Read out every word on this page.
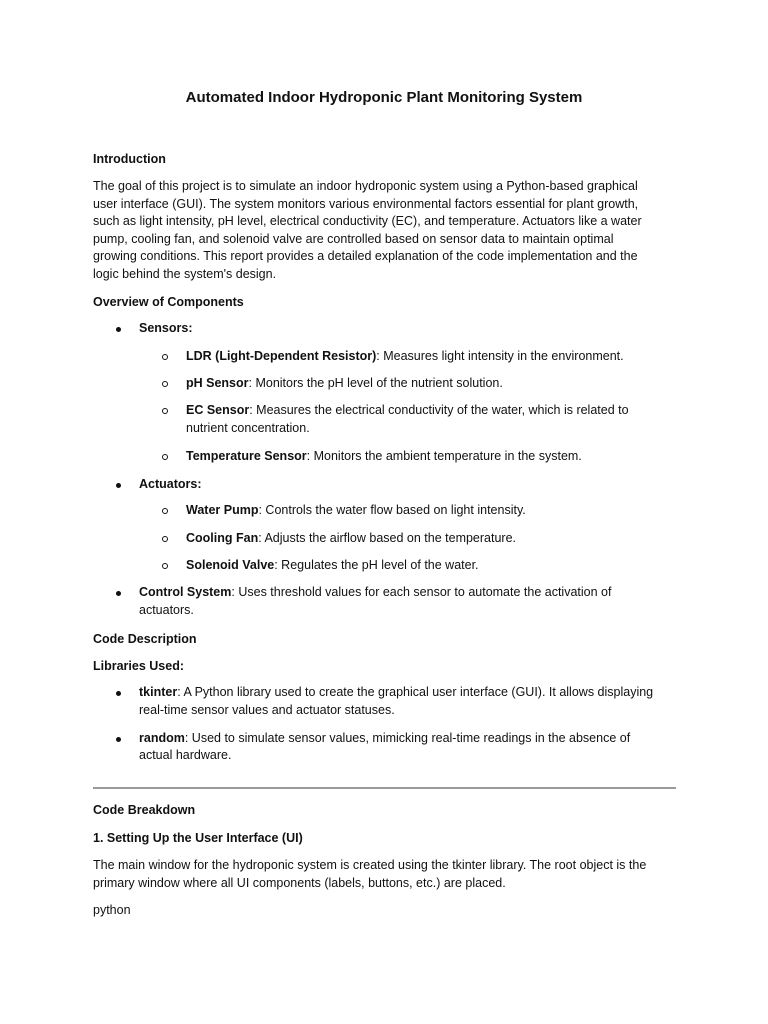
Automated Indoor Hydroponic Plant Monitoring System
Introduction
The goal of this project is to simulate an indoor hydroponic system using a Python-based graphical
user interface (GUI). The system monitors various environmental factors essential for plant growth,
such as light intensity, pH level, electrical conductivity (EC), and temperature. Actuators like a water
pump, cooling fan, and solenoid valve are controlled based on sensor data to maintain optimal
growing conditions. This report provides a detailed explanation of the code implementation and the
logic behind the system's design.
Overview of Components
Sensors:
LDR (Light-Dependent Resistor): Measures light intensity in the environment.
pH Sensor: Monitors the pH level of the nutrient solution.
EC Sensor: Measures the electrical conductivity of the water, which is related to
nutrient concentration.
Temperature Sensor: Monitors the ambient temperature in the system.
Actuators:
Water Pump: Controls the water flow based on light intensity.
Cooling Fan: Adjusts the airflow based on the temperature.
Solenoid Valve: Regulates the pH level of the water.
Control System: Uses threshold values for each sensor to automate the activation of
actuators.
Code Description
Libraries Used:
tkinter: A Python library used to create the graphical user interface (GUI). It allows displaying
real-time sensor values and actuator statuses.
random: Used to simulate sensor values, mimicking real-time readings in the absence of
actual hardware.
Code Breakdown
1. Setting Up the User Interface (UI)
The main window for the hydroponic system is created using the tkinter library. The root object is the
primary window where all UI components (labels, buttons, etc.) are placed.
python
